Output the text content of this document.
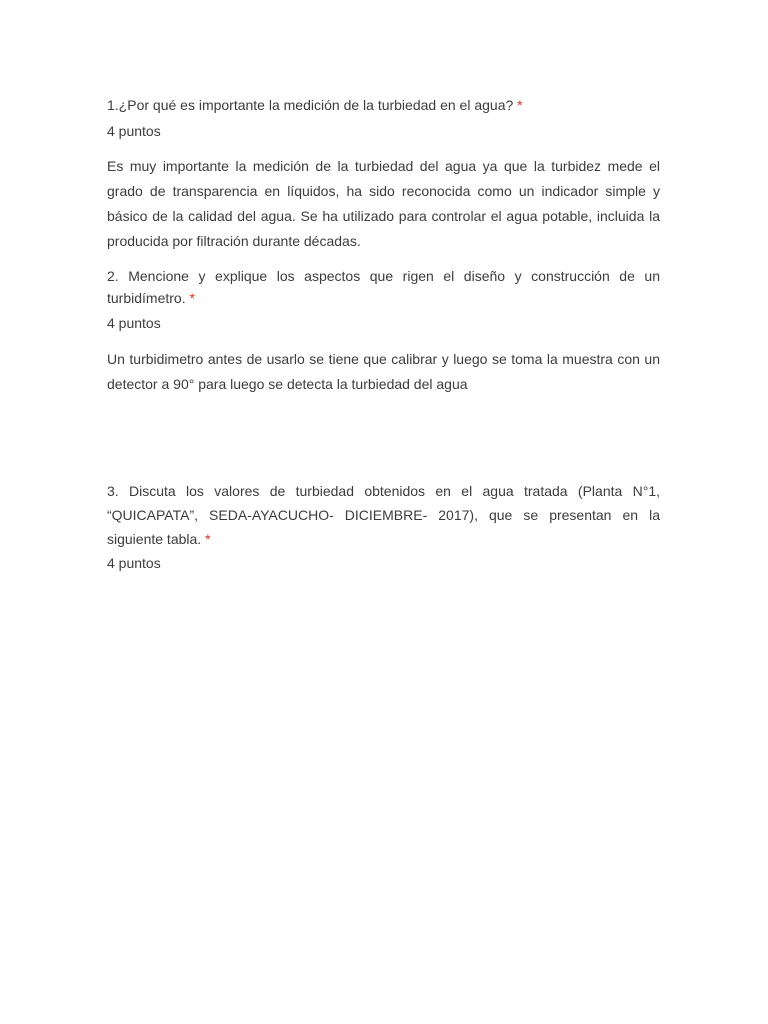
1.¿Por qué es importante la medición de la turbiedad en el agua? *
4 puntos
Es muy importante la medición de la turbiedad del agua ya que la turbidez mede el grado de transparencia en líquidos, ha sido reconocida como un indicador simple y básico de la calidad del agua. Se ha utilizado para controlar el agua potable, incluida la producida por filtración durante décadas.
2. Mencione y explique los aspectos que rigen el diseño y construcción de un turbidímetro. *
4 puntos
Un turbidimetro antes de usarlo se tiene que calibrar y luego se toma la muestra con un detector a 90° para luego se detecta la turbiedad del agua
3. Discuta los valores de turbiedad obtenidos en el agua tratada (Planta N°1, “QUICAPATA”, SEDA-AYACUCHO- DICIEMBRE- 2017), que se presentan en la siguiente tabla. *
4 puntos
